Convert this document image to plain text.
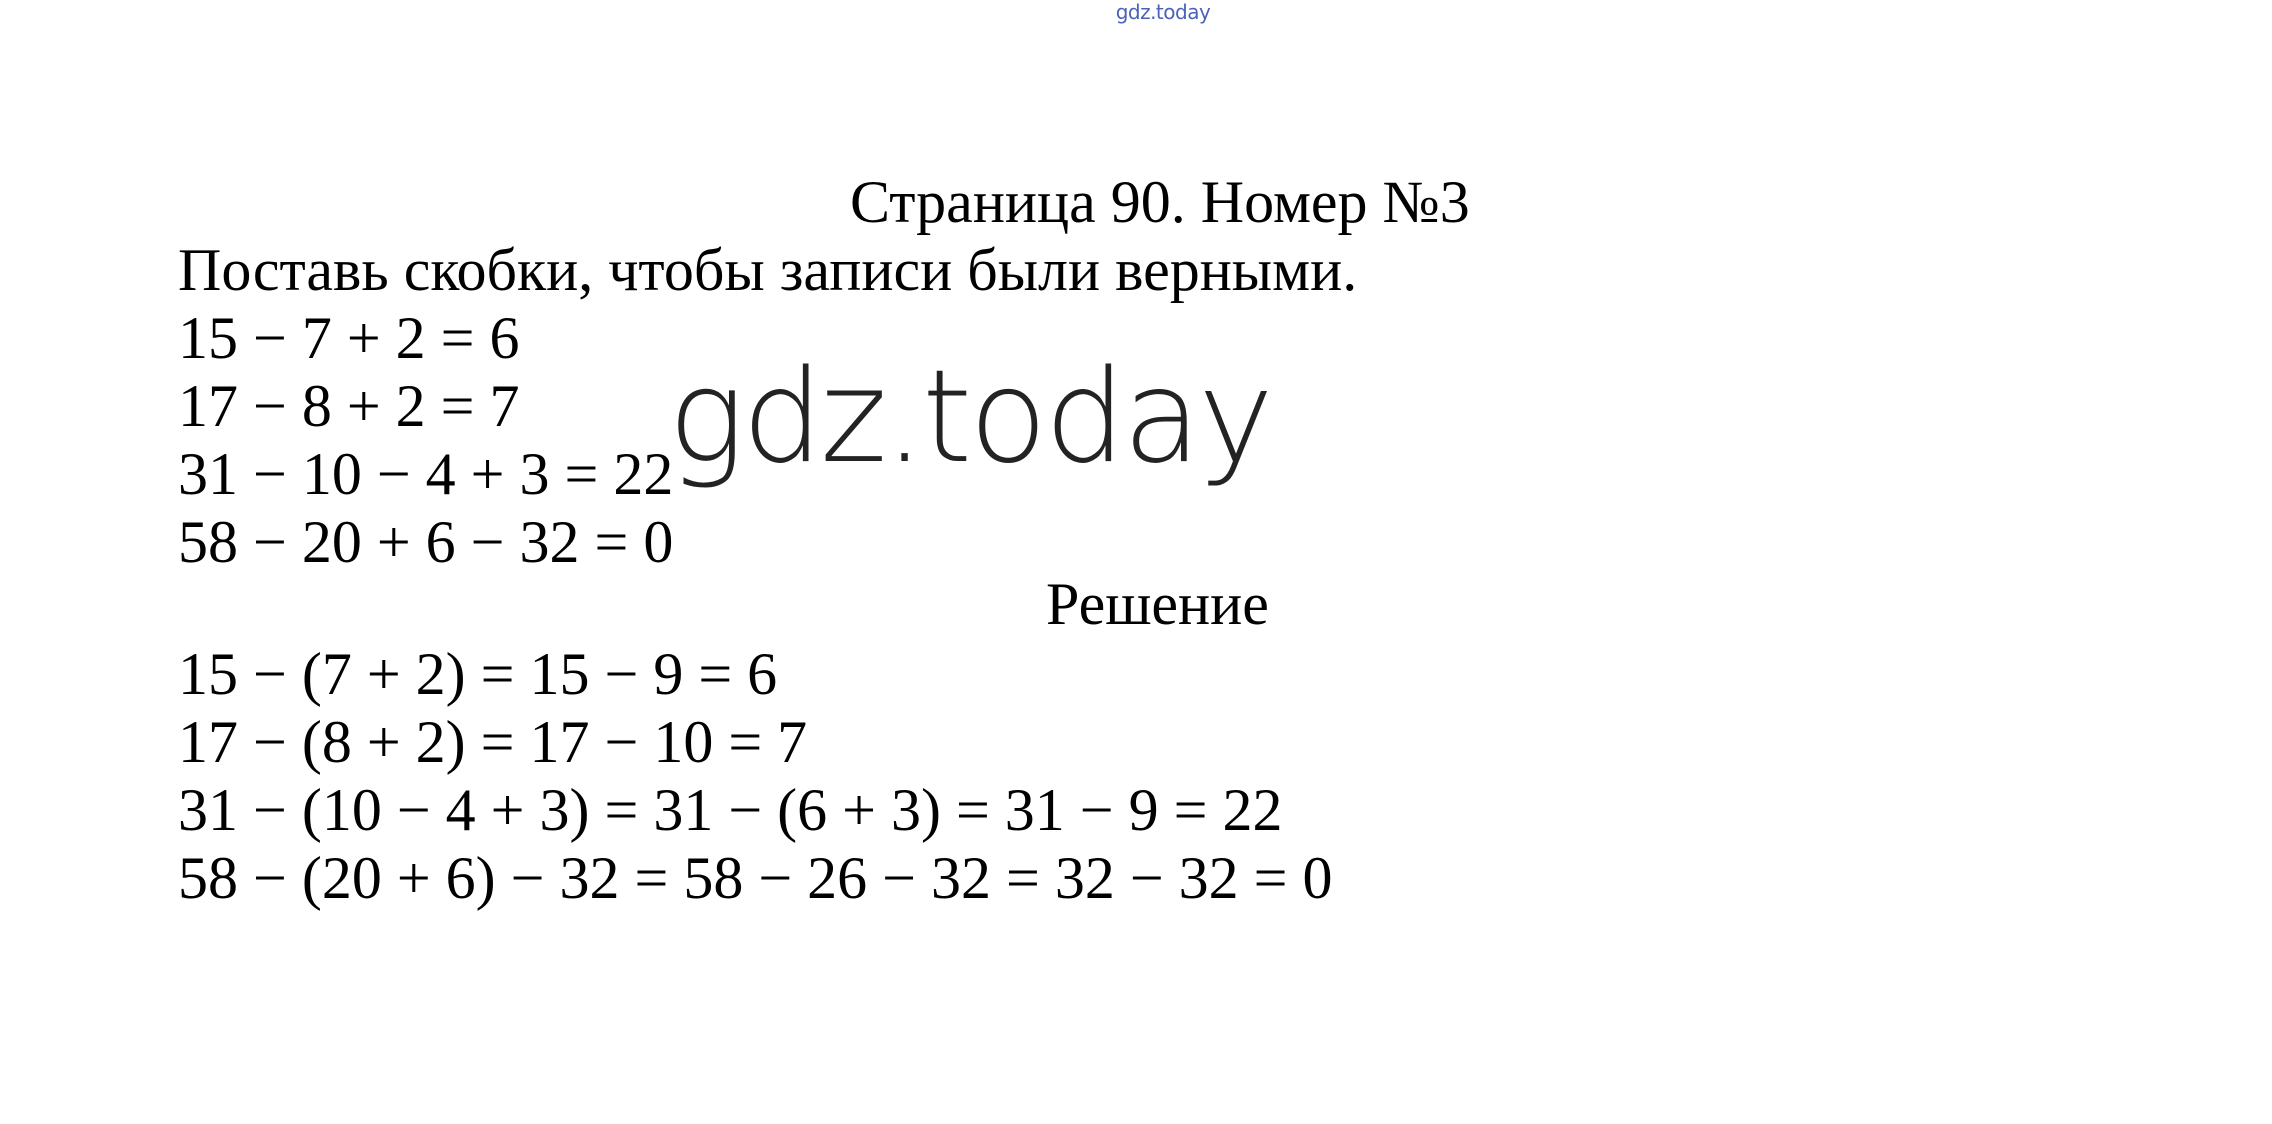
gdz.today
Страница 90. Номер №3
Поставь скобки, чтобы записи были верными.
15 − 7 + 2 = 6
17 − 8 + 2 = 7
31 − 10 − 4 + 3 = 22
58 − 20 + 6 − 32 = 0
Решение
15 − (7 + 2) = 15 − 9 = 6
17 − (8 + 2) = 17 − 10 = 7
31 − (10 − 4 + 3) = 31 − (6 + 3) = 31 − 9 = 22
58 − (20 + 6) − 32 = 58 − 26 − 32 = 32 − 32 = 0
gdz.today
